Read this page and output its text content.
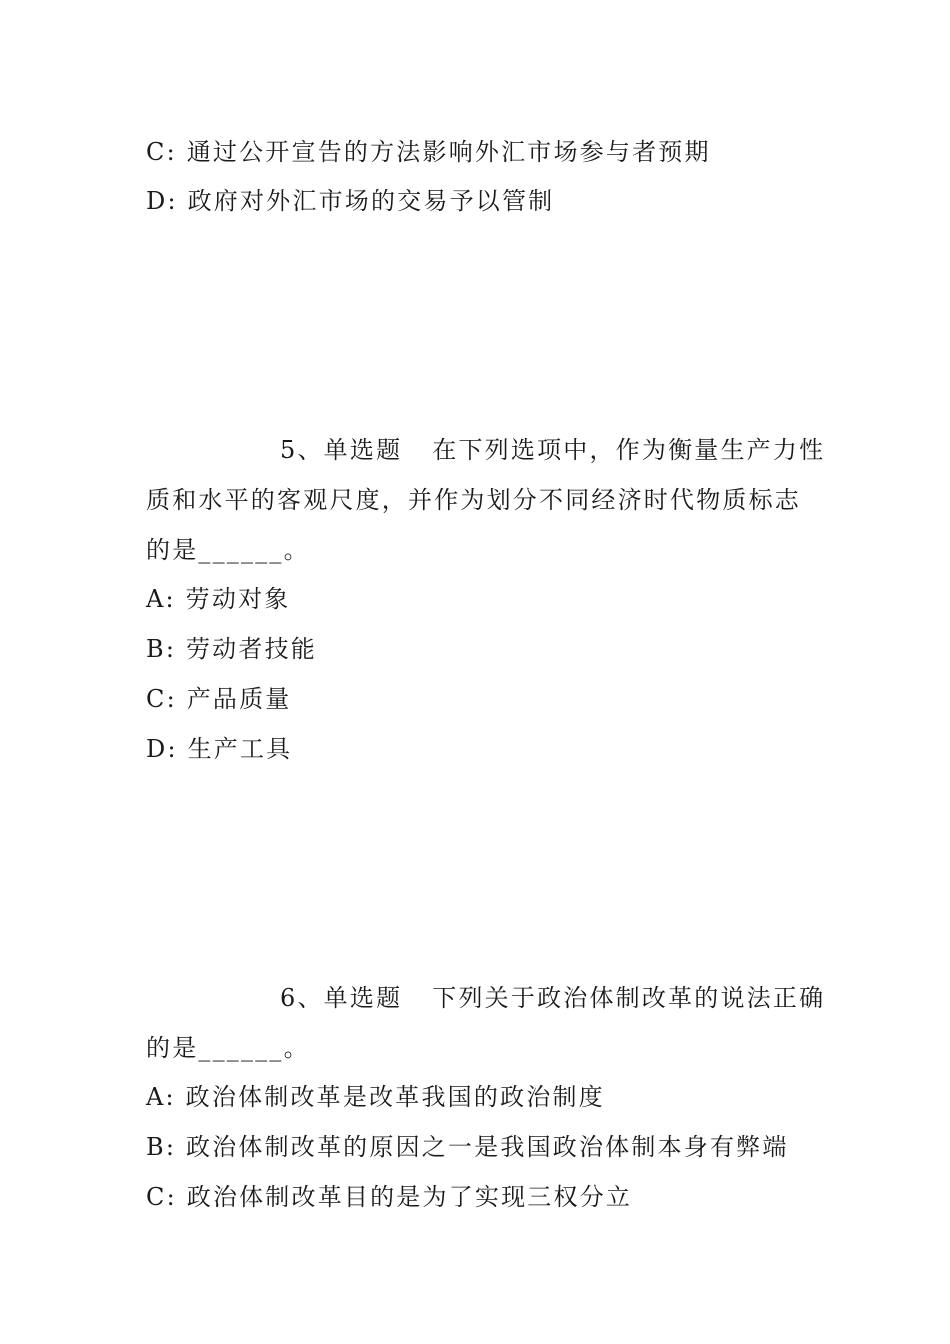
C: 通过公开宣告的方法影响外汇市场参与者预期
D: 政府对外汇市场的交易予以管制
5、单选题 在下列选项中，作为衡量生产力性
质和水平的客观尺度，并作为划分不同经济时代物质标志
的是______。
A: 劳动对象
B: 劳动者技能
C: 产品质量
D: 生产工具
6、单选题 下列关于政治体制改革的说法正确
的是______。
A: 政治体制改革是改革我国的政治制度
B: 政治体制改革的原因之一是我国政治体制本身有弊端
C: 政治体制改革目的是为了实现三权分立
